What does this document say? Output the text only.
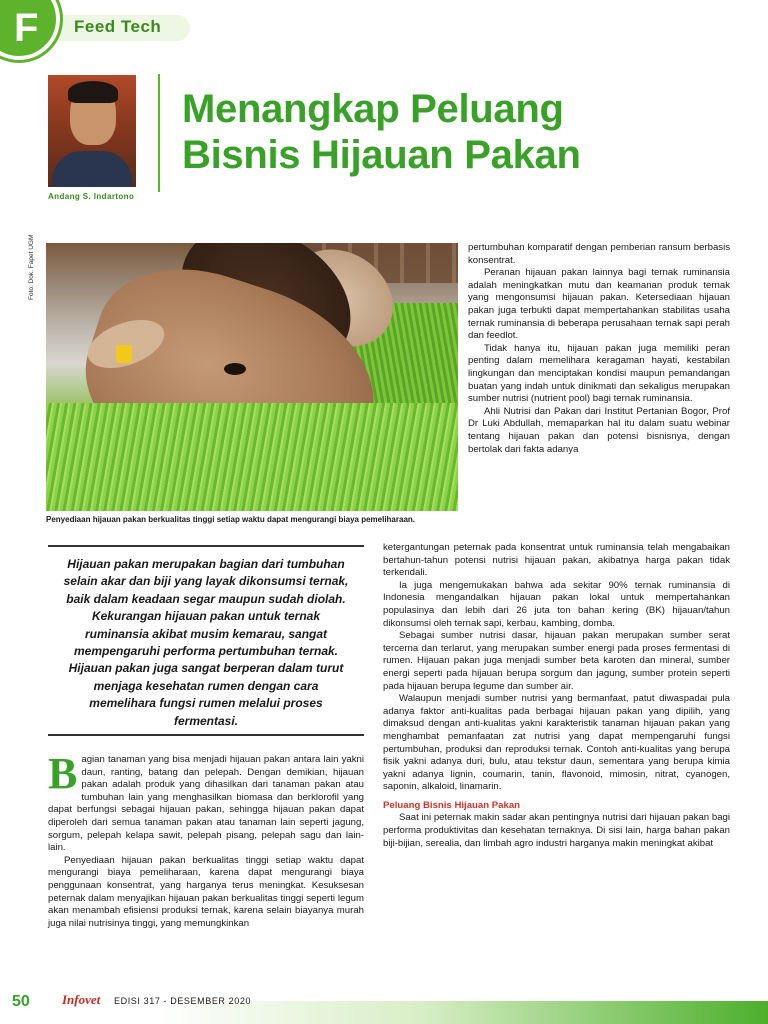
Feed Tech
F
Andang S. Indartono
Menangkap Peluang
Bisnis Hijauan Pakan
Foto: Dok. Fapet UGM
Penyediaan hijauan pakan berkualitas tinggi setiap waktu dapat mengurangi biaya pemeliharaan.
Hijauan pakan merupakan bagian dari tumbuhan selain akar dan biji yang layak dikonsumsi ternak, baik dalam keadaan segar maupun sudah diolah. Kekurangan hijauan pakan untuk ternak ruminansia akibat musim kemarau, sangat mempengaruhi performa pertumbuhan ternak. Hijauan pakan juga sangat berperan dalam turut menjaga kesehatan rumen dengan cara memelihara fungsi rumen melalui proses fermentasi.

Bagian tanaman yang bisa menjadi hijauan pakan antara lain yakni daun, ranting, batang dan pelepah. Dengan demikian, hijauan pakan adalah produk yang dihasilkan dari tanaman pakan atau tumbuhan lain yang menghasilkan biomasa dan berklorofil yang dapat berfungsi sebagai hijauan pakan, sehingga hijauan pakan dapat diperoleh dari semua tanaman pakan atau tanaman lain seperti jagung, sorgum, pelepah kelapa sawit, pelepah pisang, pelepah sagu dan lain-lain.

Penyediaan hijauan pakan berkualitas tinggi setiap waktu dapat mengurangi biaya pemeliharaan, karena dapat mengurangi biaya penggunaan konsentrat, yang harganya terus meningkat. Kesuksesan peternak dalam menyajikan hijauan pakan berkualitas tinggi seperti legum akan menambah efisiensi produksi ternak, karena selain biayanya murah juga nilai nutrisinya tinggi, yang memungkinkan

pertumbuhan komparatif dengan pemberian ransum berbasis konsentrat.

Peranan hijauan pakan lainnya bagi ternak ruminansia adalah meningkatkan mutu dan keamanan produk ternak yang mengonsumsi hijauan pakan. Ketersediaan hijauan pakan juga terbukti dapat mempertahankan stabilitas usaha ternak ruminansia di beberapa perusahaan ternak sapi perah dan feedlot.

Tidak hanya itu, hijauan pakan juga memiliki peran penting dalam memelihara keragaman hayati, kestabilan lingkungan dan menciptakan kondisi maupun pemandangan buatan yang indah untuk dinikmati dan sekaligus merupakan sumber nutrisi (nutrient pool) bagi ternak ruminansia.

Ahli Nutrisi dan Pakan dari Institut Pertanian Bogor, Prof Dr Luki Abdullah, memaparkan hal itu dalam suatu webinar tentang hijauan pakan dan potensi bisnisnya, dengan bertolak dari fakta adanya

ketergantungan peternak pada konsentrat untuk ruminansia telah mengabaikan bertahun-tahun potensi nutrisi hijauan pakan, akibatnya harga pakan tidak terkendali.

Ia juga mengemukakan bahwa ada sekitar 90% ternak ruminansia di Indonesia mengandalkan hijauan pakan lokal untuk mempertahankan populasinya dan lebih dari 26 juta ton bahan kering (BK) hijauan/tahun dikonsumsi oleh ternak sapi, kerbau, kambing, domba.

Sebagai sumber nutrisi dasar, hijauan pakan merupakan sumber serat tercerna dan terlarut, yang merupakan sumber energi pada proses fermentasi di rumen. Hijauan pakan juga menjadi sumber beta karoten dan mineral, sumber energi seperti pada hijauan berupa sorgum dan jagung, sumber protein seperti pada hijauan berupa legume dan sumber air.

Walaupun menjadi sumber nutrisi yang bermanfaat, patut diwaspadai pula adanya faktor anti-kualitas pada berbagai hijauan pakan yang dipilih, yang dimaksud dengan anti-kualitas yakni karakteristik tanaman hijauan pakan yang menghambat pemanfaatan zat nutrisi yang dapat mempengaruhi fungsi pertumbuhan, produksi dan reproduksi ternak. Contoh anti-kualitas yang berupa fisik yakni adanya duri, bulu, atau tekstur daun, sementara yang berupa kimia yakni adanya lignin, coumarin, tanin, flavonoid, mimosin, nitrat, cyanogen, saponin, alkaloid, linamarin.

Peluang Bisnis Hijauan Pakan

Saat ini peternak makin sadar akan pentingnya nutrisi dari hijauan pakan bagi performa produktivitas dan kesehatan ternaknya. Di sisi lain, harga bahan pakan biji-bijian, serealia, dan limbah agro industri harganya makin meningkat akibat

50 Infovet EDISI 317 - DESEMBER 2020
